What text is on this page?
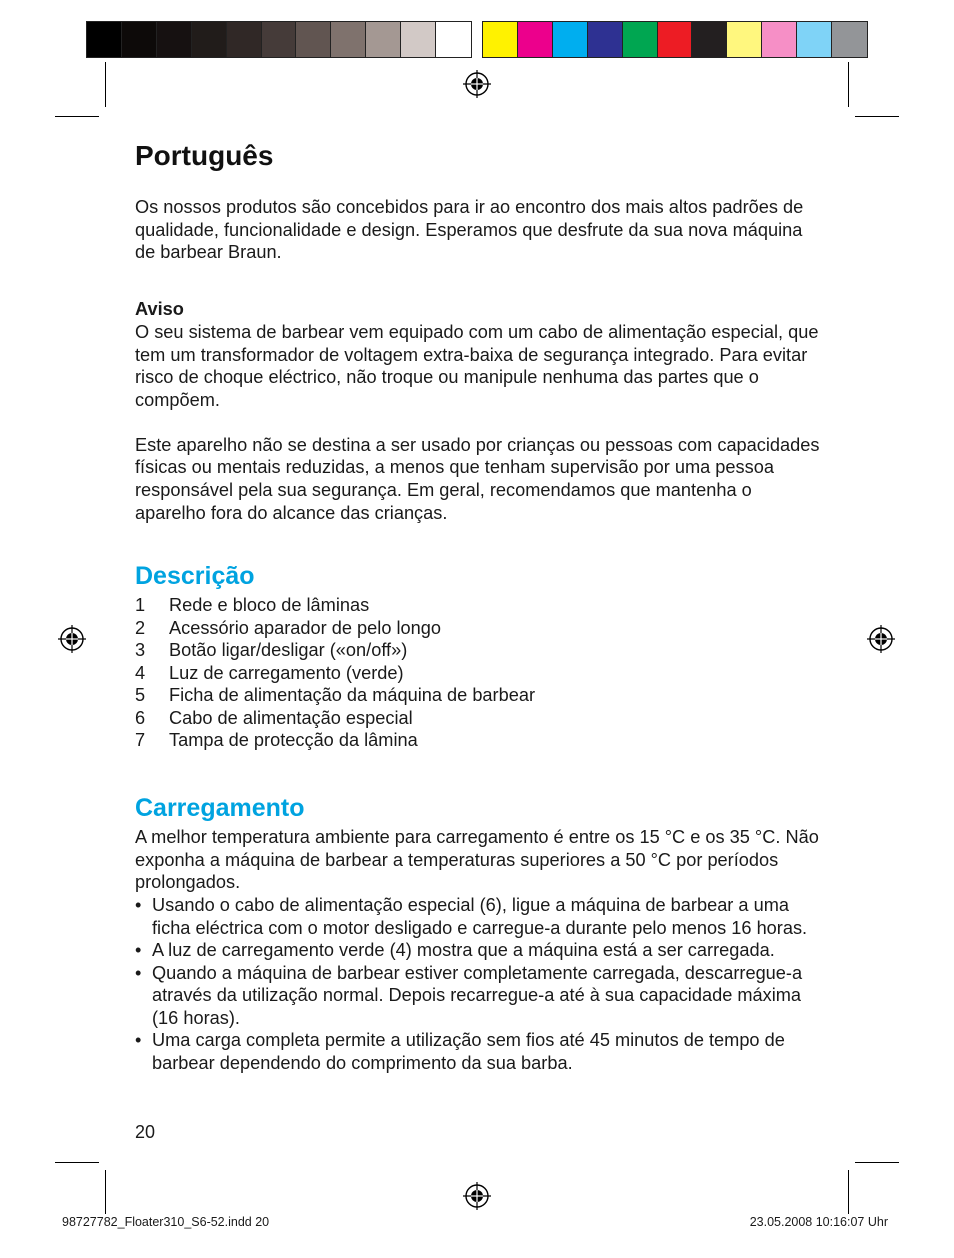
Português

Os nossos produtos são concebidos para ir ao encontro dos mais altos padrões de qualidade, funcionalidade e design. Esperamos que desfrute da sua nova máquina de barbear Braun.

Aviso

O seu sistema de barbear vem equipado com um cabo de alimentação especial, que tem um transformador de voltagem extra-baixa de segurança integrado. Para evitar risco de choque eléctrico, não troque ou manipule nenhuma das partes que o compõem.

Este aparelho não se destina a ser usado por crianças ou pessoas com capacidades físicas ou mentais reduzidas, a menos que tenham supervisão por uma pessoa responsável pela sua segurança. Em geral, recomendamos que mantenha o aparelho fora do alcance das crianças.

Descrição
1	Rede e bloco de lâminas
2	Acessório aparador de pelo longo
3	Botão ligar/desligar («on/off»)
4	Luz de carregamento (verde)
5	Ficha de alimentação da máquina de barbear
6	Cabo de alimentação especial
7	Tampa de protecção da lâmina
Carregamento

A melhor temperatura ambiente para carregamento é entre os 15 °C e os 35 °C. Não exponha a máquina de barbear a temperaturas superiores a 50 °C por períodos prolongados.

• Usando o cabo de alimentação especial (6), ligue a máquina de barbear a uma ficha eléctrica com o motor desligado e carregue-a durante pelo menos 16 horas.
• A luz de carregamento verde (4) mostra que a máquina está a ser carregada.
• Quando a máquina de barbear estiver completamente carregada, descarregue-a através da utilização normal. Depois recarregue-a até à sua capacidade máxima (16 horas).
• Uma carga completa permite a utilização sem fios até 45 minutos de tempo de barbear dependendo do comprimento da sua barba.
20
98727782_Floater310_S6-52.indd 20	23.05.2008 10:16:07 Uhr
